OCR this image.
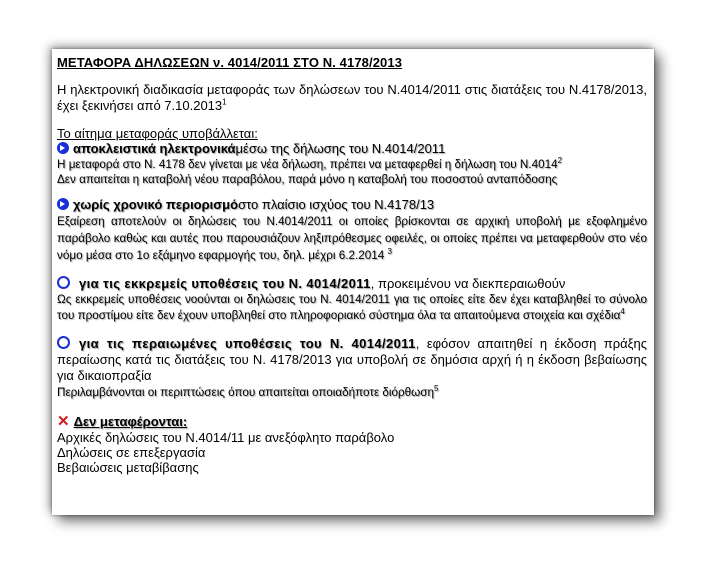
ΜΕΤΑΦΟΡΑ ΔΗΛΩΣΕΩΝ ν. 4014/2011 ΣΤΟ Ν. 4178/2013

Η ηλεκτρονική διαδικασία μεταφοράς των δηλώσεων του Ν.4014/2011 στις διατάξεις του Ν.4178/2013, έχει ξεκινήσει από 7.10.2013$^1$
Το αίτημα μεταφοράς υποβάλλεται:
αποκλειστικά ηλεκτρονικάμέσω της δήλωσης του Ν.4014/2011
Η μεταφορά στο Ν. 4178 δεν γίνεται με νέα δήλωση, πρέπει να μεταφερθεί η δήλωση του Ν.4014$^2$
Δεν απαιτείται η καταβολή νέου παραβόλου, παρά μόνο η καταβολή του ποσοστού ανταπόδοσης
χωρίς χρονικό περιορισμόστο πλαίσιο ισχύος του Ν.4178/13
Εξαίρεση αποτελούν οι δηλώσεις του Ν.4014/2011 οι οποίες βρίσκονται σε αρχική υποβολή με εξοφλημένο παράβολο καθώς και αυτές που παρουσιάζουν ληξιπρόθεσμες οφειλές, οι οποίες πρέπει να μεταφερθούν στο νέο νόμο μέσα στο 1ο εξάμηνο εφαρμογής του, δηλ. μέχρι 6.2.2014 $^3$
για τις εκκρεμείς υποθέσεις του Ν. 4014/2011, προκειμένου να διεκπεραιωθούν
Ως εκκρεμείς υποθέσεις νοούνται οι δηλώσεις του Ν. 4014/2011 για τις οποίες είτε δεν έχει καταβληθεί το σύνολο του προστίμου είτε δεν έχουν υποβληθεί στο πληροφοριακό σύστημα όλα τα απαιτούμενα στοιχεία και σχέδια$^4$
για τις περαιωμένες υποθέσεις του Ν. 4014/2011, εφόσον απαιτηθεί η έκδοση πράξης περαίωσης κατά τις διατάξεις του Ν. 4178/2013 για υποβολή σε δημόσια αρχή ή η έκδοση βεβαίωσης για δικαιοπραξία
Περιλαμβάνονται οι περιπτώσεις όπου απαιτείται οποιαδήποτε διόρθωση$^5$
✕ Δεν μεταφέρονται:
Αρχικές δηλώσεις του Ν.4014/11 με ανεξόφλητο παράβολο
Δηλώσεις σε επεξεργασία
Βεβαιώσεις μεταβίβασης
